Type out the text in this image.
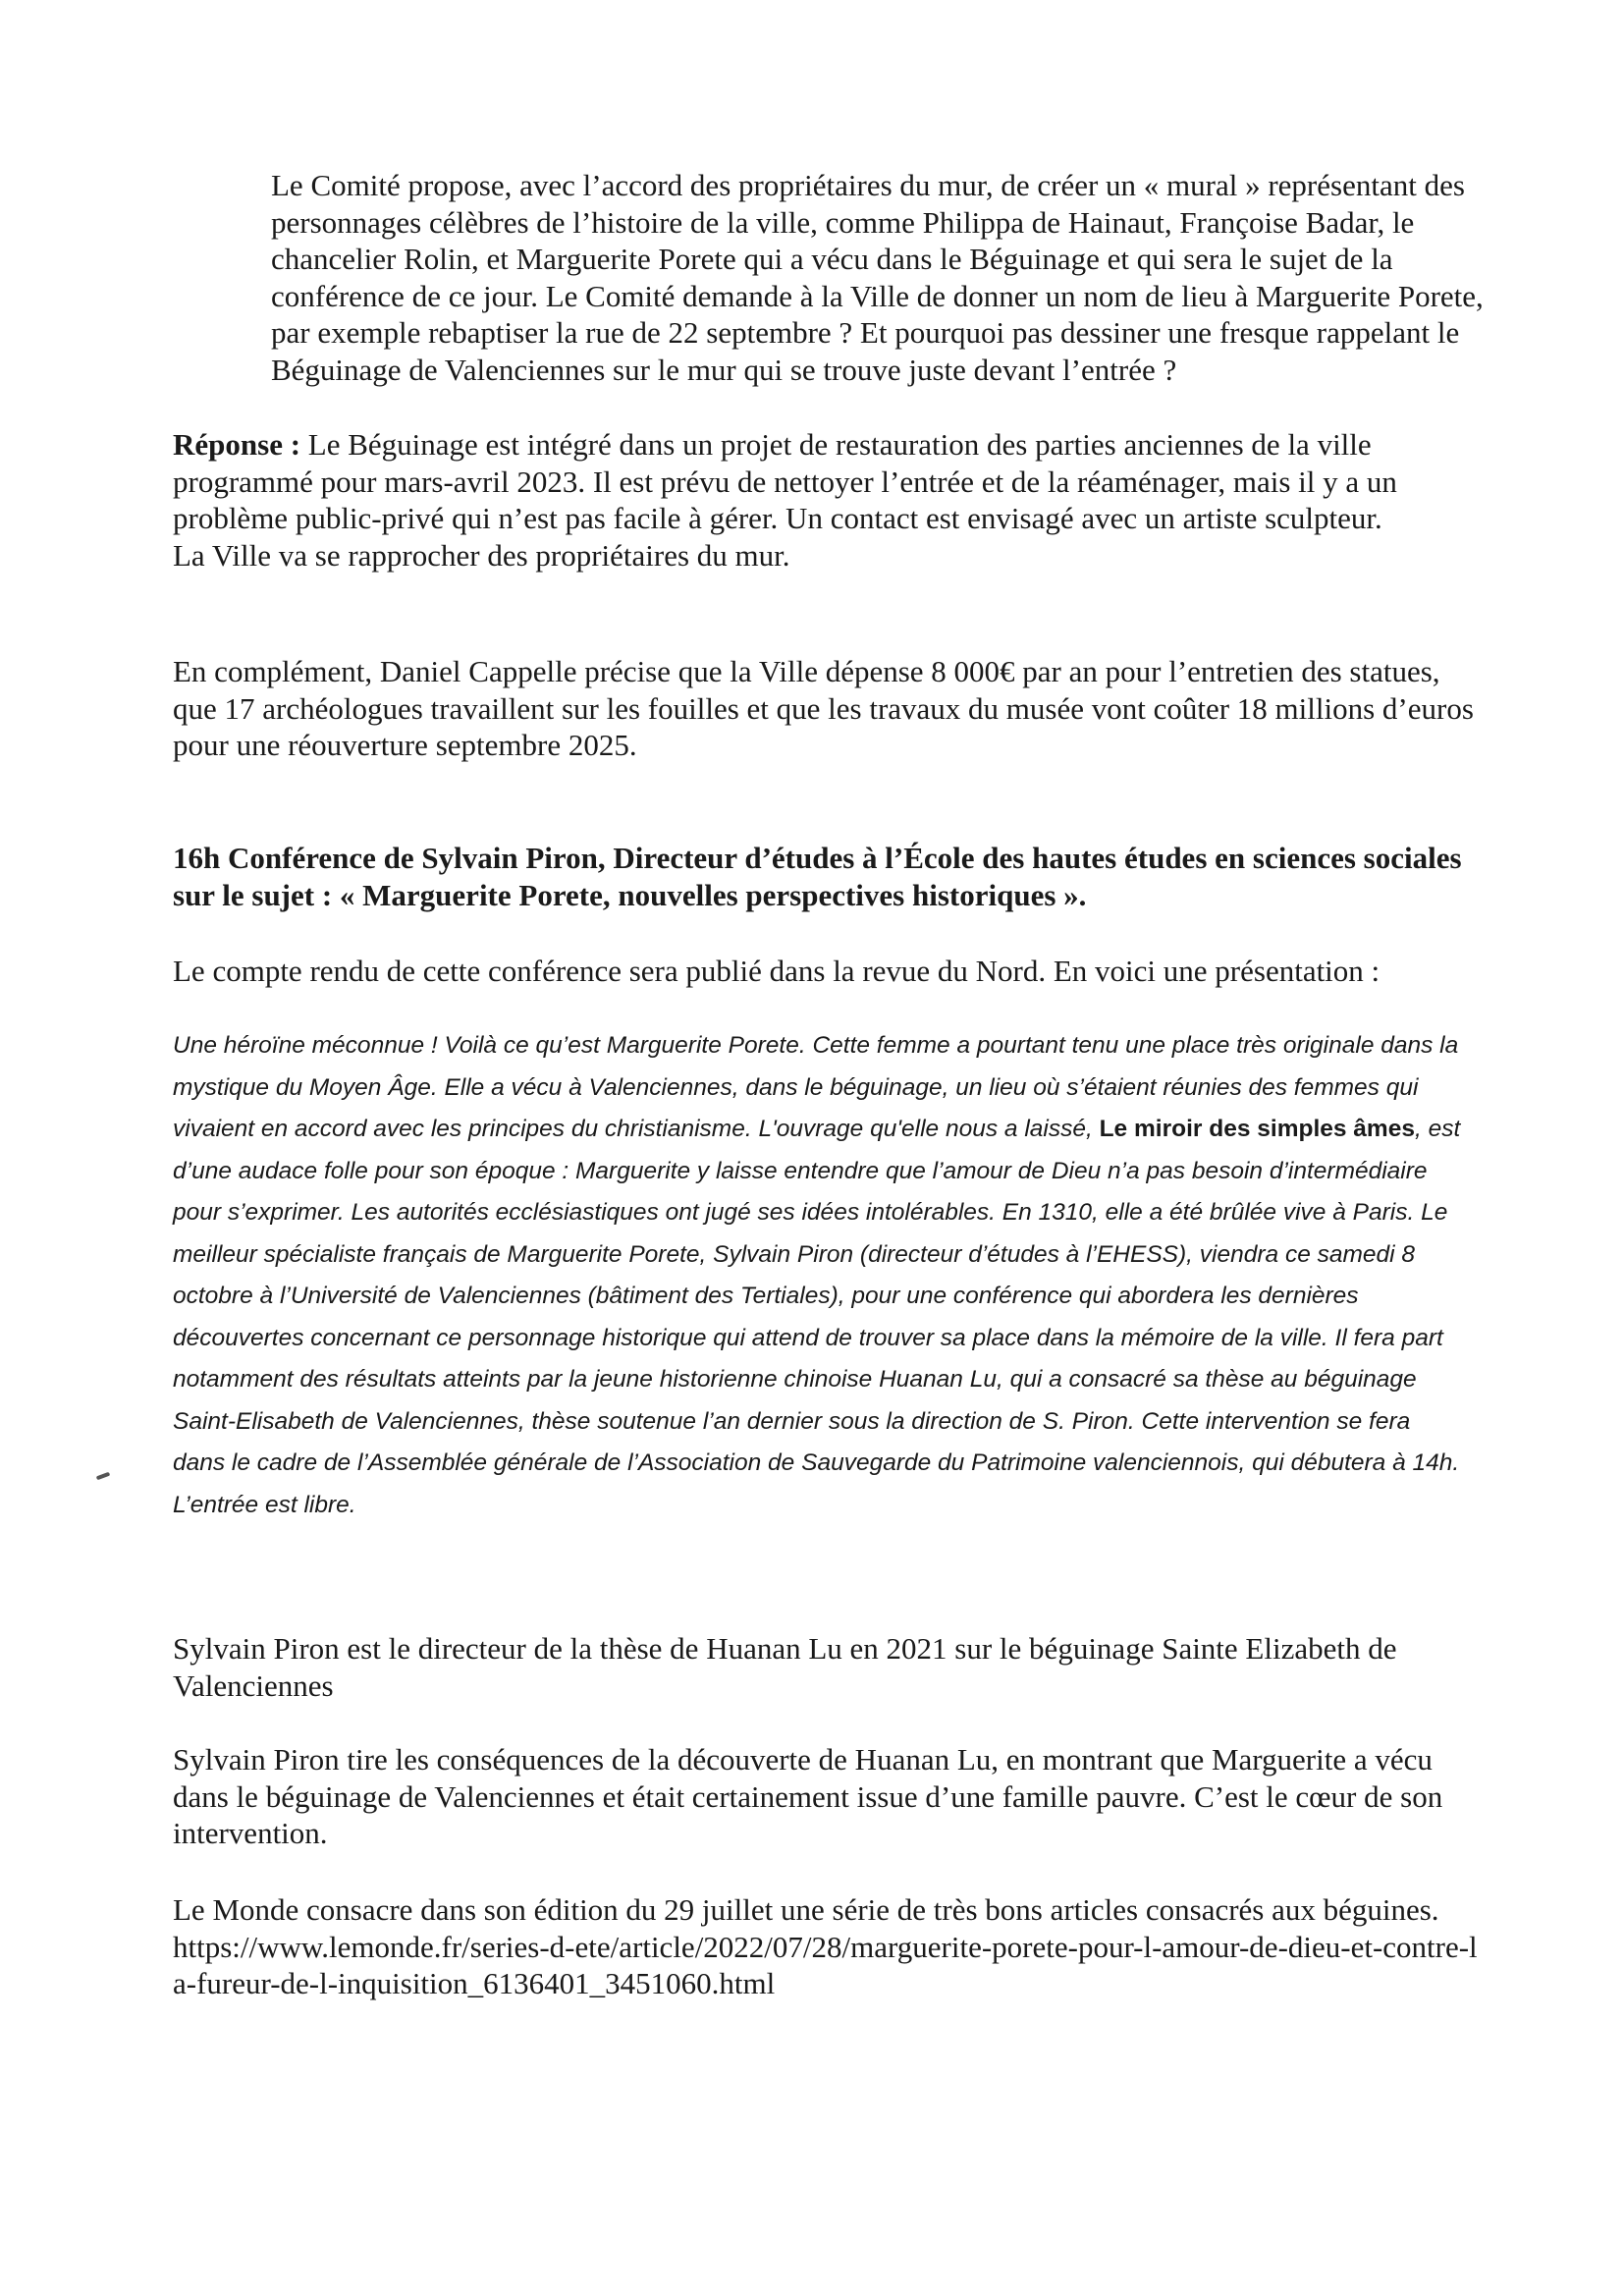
Le Comité propose, avec l’accord des propriétaires du mur, de créer un « mural » représentant des personnages célèbres de l’histoire de la ville, comme Philippa de Hainaut, Françoise Badar, le chancelier Rolin, et Marguerite Porete qui a vécu dans le Béguinage et qui sera le sujet de la conférence de ce jour. Le Comité demande à la Ville de donner un nom de lieu à Marguerite Porete, par exemple rebaptiser la rue de 22 septembre ? Et pourquoi pas dessiner une fresque rappelant le Béguinage de Valenciennes sur le mur qui se trouve juste devant l’entrée ?

Réponse : Le Béguinage est intégré dans un projet de restauration des parties anciennes de la ville programmé pour mars-avril 2023. Il est prévu de nettoyer l’entrée et de la réaménager, mais il y a un problème public-privé qui n’est pas facile à gérer. Un contact est envisagé avec un artiste sculpteur.

La Ville va se rapprocher des propriétaires du mur.

En complément, Daniel Cappelle précise que la Ville dépense 8 000€ par an pour l’entretien des statues, que 17 archéologues travaillent sur les fouilles et que les travaux du musée vont coûter 18 millions d’euros pour une réouverture septembre 2025.

16h Conférence de Sylvain Piron, Directeur d’études à l’École des hautes études en sciences sociales sur le sujet : « Marguerite Porete, nouvelles perspectives historiques ».

Le compte rendu de cette conférence sera publié dans la revue du Nord. En voici une présentation :

Une héroïne méconnue ! Voilà ce qu’est Marguerite Porete. Cette femme a pourtant tenu une place très originale dans la mystique du Moyen Âge. Elle a vécu à Valenciennes, dans le béguinage, un lieu où s’étaient réunies des femmes qui vivaient en accord avec les principes du christianisme. L'ouvrage qu'elle nous a laissé, Le miroir des simples âmes, est d’une audace folle pour son époque : Marguerite y laisse entendre que l’amour de Dieu n’a pas besoin d’intermédiaire pour s’exprimer. Les autorités ecclésiastiques ont jugé ses idées intolérables. En 1310, elle a été brûlée vive à Paris. Le meilleur spécialiste français de Marguerite Porete, Sylvain Piron (directeur d’études à l’EHESS), viendra ce samedi 8 octobre à l’Université de Valenciennes (bâtiment des Tertiales), pour une conférence qui abordera les dernières découvertes concernant ce personnage historique qui attend de trouver sa place dans la mémoire de la ville. Il fera part notamment des résultats atteints par la jeune historienne chinoise Huanan Lu, qui a consacré sa thèse au béguinage Saint-Elisabeth de Valenciennes, thèse soutenue l’an dernier sous la direction de S. Piron. Cette intervention se fera dans le cadre de l’Assemblée générale de l’Association de Sauvegarde du Patrimoine valenciennois, qui débutera à 14h. L’entrée est libre.

Sylvain Piron est le directeur de la thèse de Huanan Lu en 2021 sur le béguinage Sainte Elizabeth de Valenciennes

Sylvain Piron tire les conséquences de la découverte de Huanan Lu, en montrant que Marguerite a vécu dans le béguinage de Valenciennes et était certainement issue d’une famille pauvre. C’est le cœur de son intervention.

Le Monde consacre dans son édition du 29 juillet une série de très bons articles consacrés aux béguines.

https://www.lemonde.fr/series-d-ete/article/2022/07/28/marguerite-porete-pour-l-amour-de-dieu-et-contre-la-fureur-de-l-inquisition_6136401_3451060.html
